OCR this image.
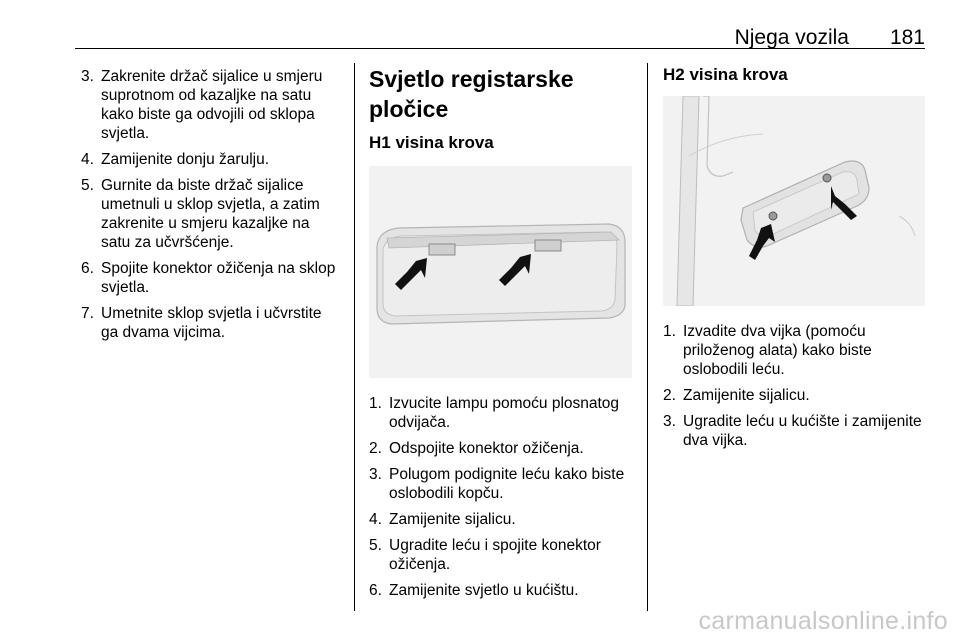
Njega vozila 181
3. Zakrenite držač sijalice u smjeru suprotnom od kazaljke na satu kako biste ga odvojili od sklopa svjetla.
4. Zamijenite donju žarulju.
5. Gurnite da biste držač sijalice umetnuli u sklop svjetla, a zatim zakrenite u smjeru kazaljke na satu za učvršćenje.
6. Spojite konektor ožičenja na sklop svjetla.
7. Umetnite sklop svjetla i učvrstite ga dvama vijcima.
Svjetlo registarske pločice
H1 visina krova
1. Izvucite lampu pomoću plosnatog odvijača.
2. Odspojite konektor ožičenja.
3. Polugom podignite leću kako biste oslobodili kopču.
4. Zamijenite sijalicu.
5. Ugradite leću i spojite konektor ožičenja.
6. Zamijenite svjetlo u kućištu.
H2 visina krova
1. Izvadite dva vijka (pomoću priloženog alata) kako biste oslobodili leću.
2. Zamijenite sijalicu.
3. Ugradite leću u kućište i zamijenite dva vijka.
carmanualsonline.info
